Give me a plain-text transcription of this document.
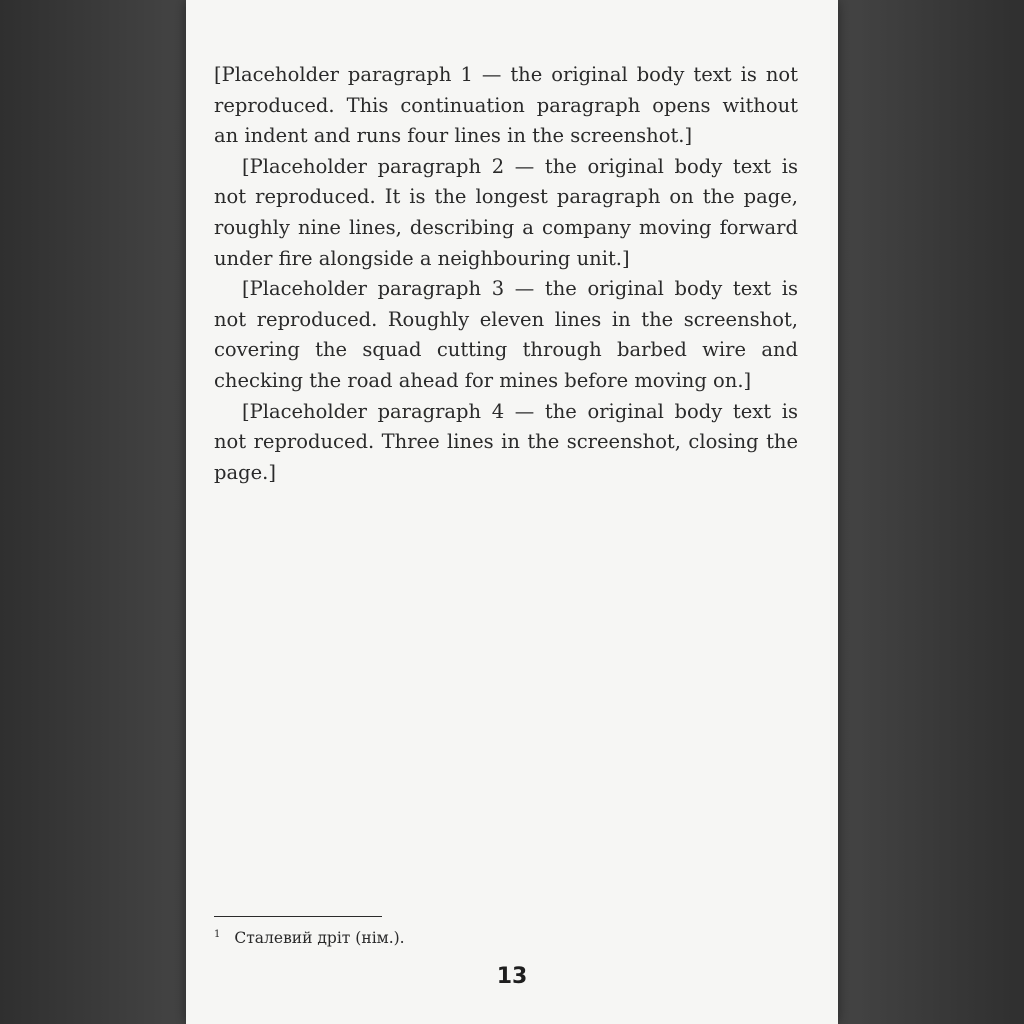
[Placeholder paragraph 1 — the original body text is not reproduced. This continuation paragraph opens without an indent and runs four lines in the screenshot.]

[Placeholder paragraph 2 — the original body text is not reproduced. It is the longest paragraph on the page, roughly nine lines, describing a company moving forward under fire alongside a neighbouring unit.]

[Placeholder paragraph 3 — the original body text is not reproduced. Roughly eleven lines in the screenshot, covering the squad cutting through barbed wire and checking the road ahead for mines before moving on.]

[Placeholder paragraph 4 — the original body text is not reproduced. Three lines in the screenshot, closing the page.]

$^1$ Сталевий дріт (нім.).
13
